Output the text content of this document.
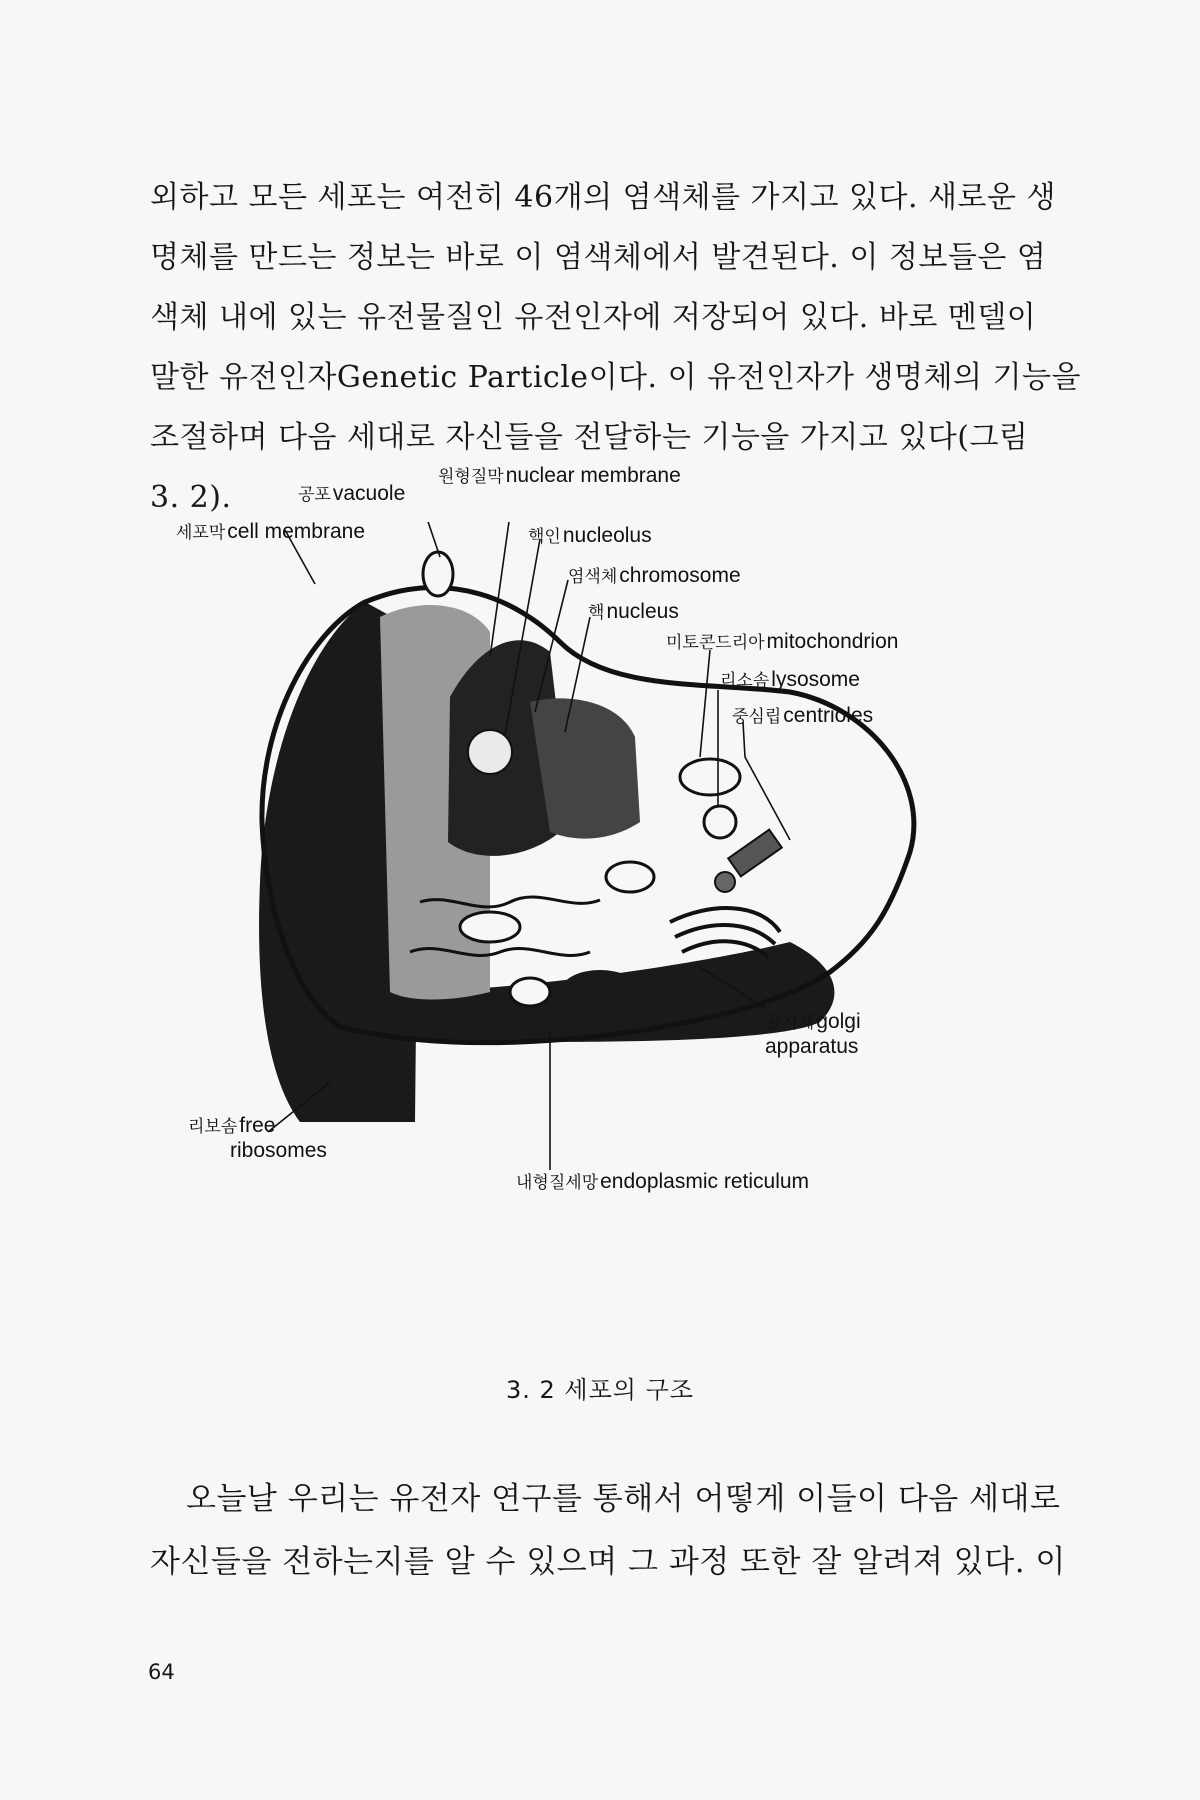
외하고 모든 세포는 여전히 46개의 염색체를 가지고 있다. 새로운 생
명체를 만드는 정보는 바로 이 염색체에서 발견된다. 이 정보들은 염
색체 내에 있는 유전물질인 유전인자에 저장되어 있다. 바로 멘델이
말한 유전인자Genetic Particle이다. 이 유전인자가 생명체의 기능을
조절하며 다음 세대로 자신들을 전달하는 기능을 가지고 있다(그림
3. 2).	공포vacuole
원형질막nuclear membrane
세포막cell membrane	핵인nucleolus
염색체chromosome
핵nucleus
미토콘드리아mitochondrion
리소솜lysosome
중심립centrioles
골지체golgi
apparatus
리보솜free
ribosomes
내형질세망endoplasmic reticulum
3. 2 세포의 구조
오늘날 우리는 유전자 연구를 통해서 어떻게 이들이 다음 세대로
자신들을 전하는지를 알 수 있으며 그 과정 또한 잘 알려져 있다. 이
64
